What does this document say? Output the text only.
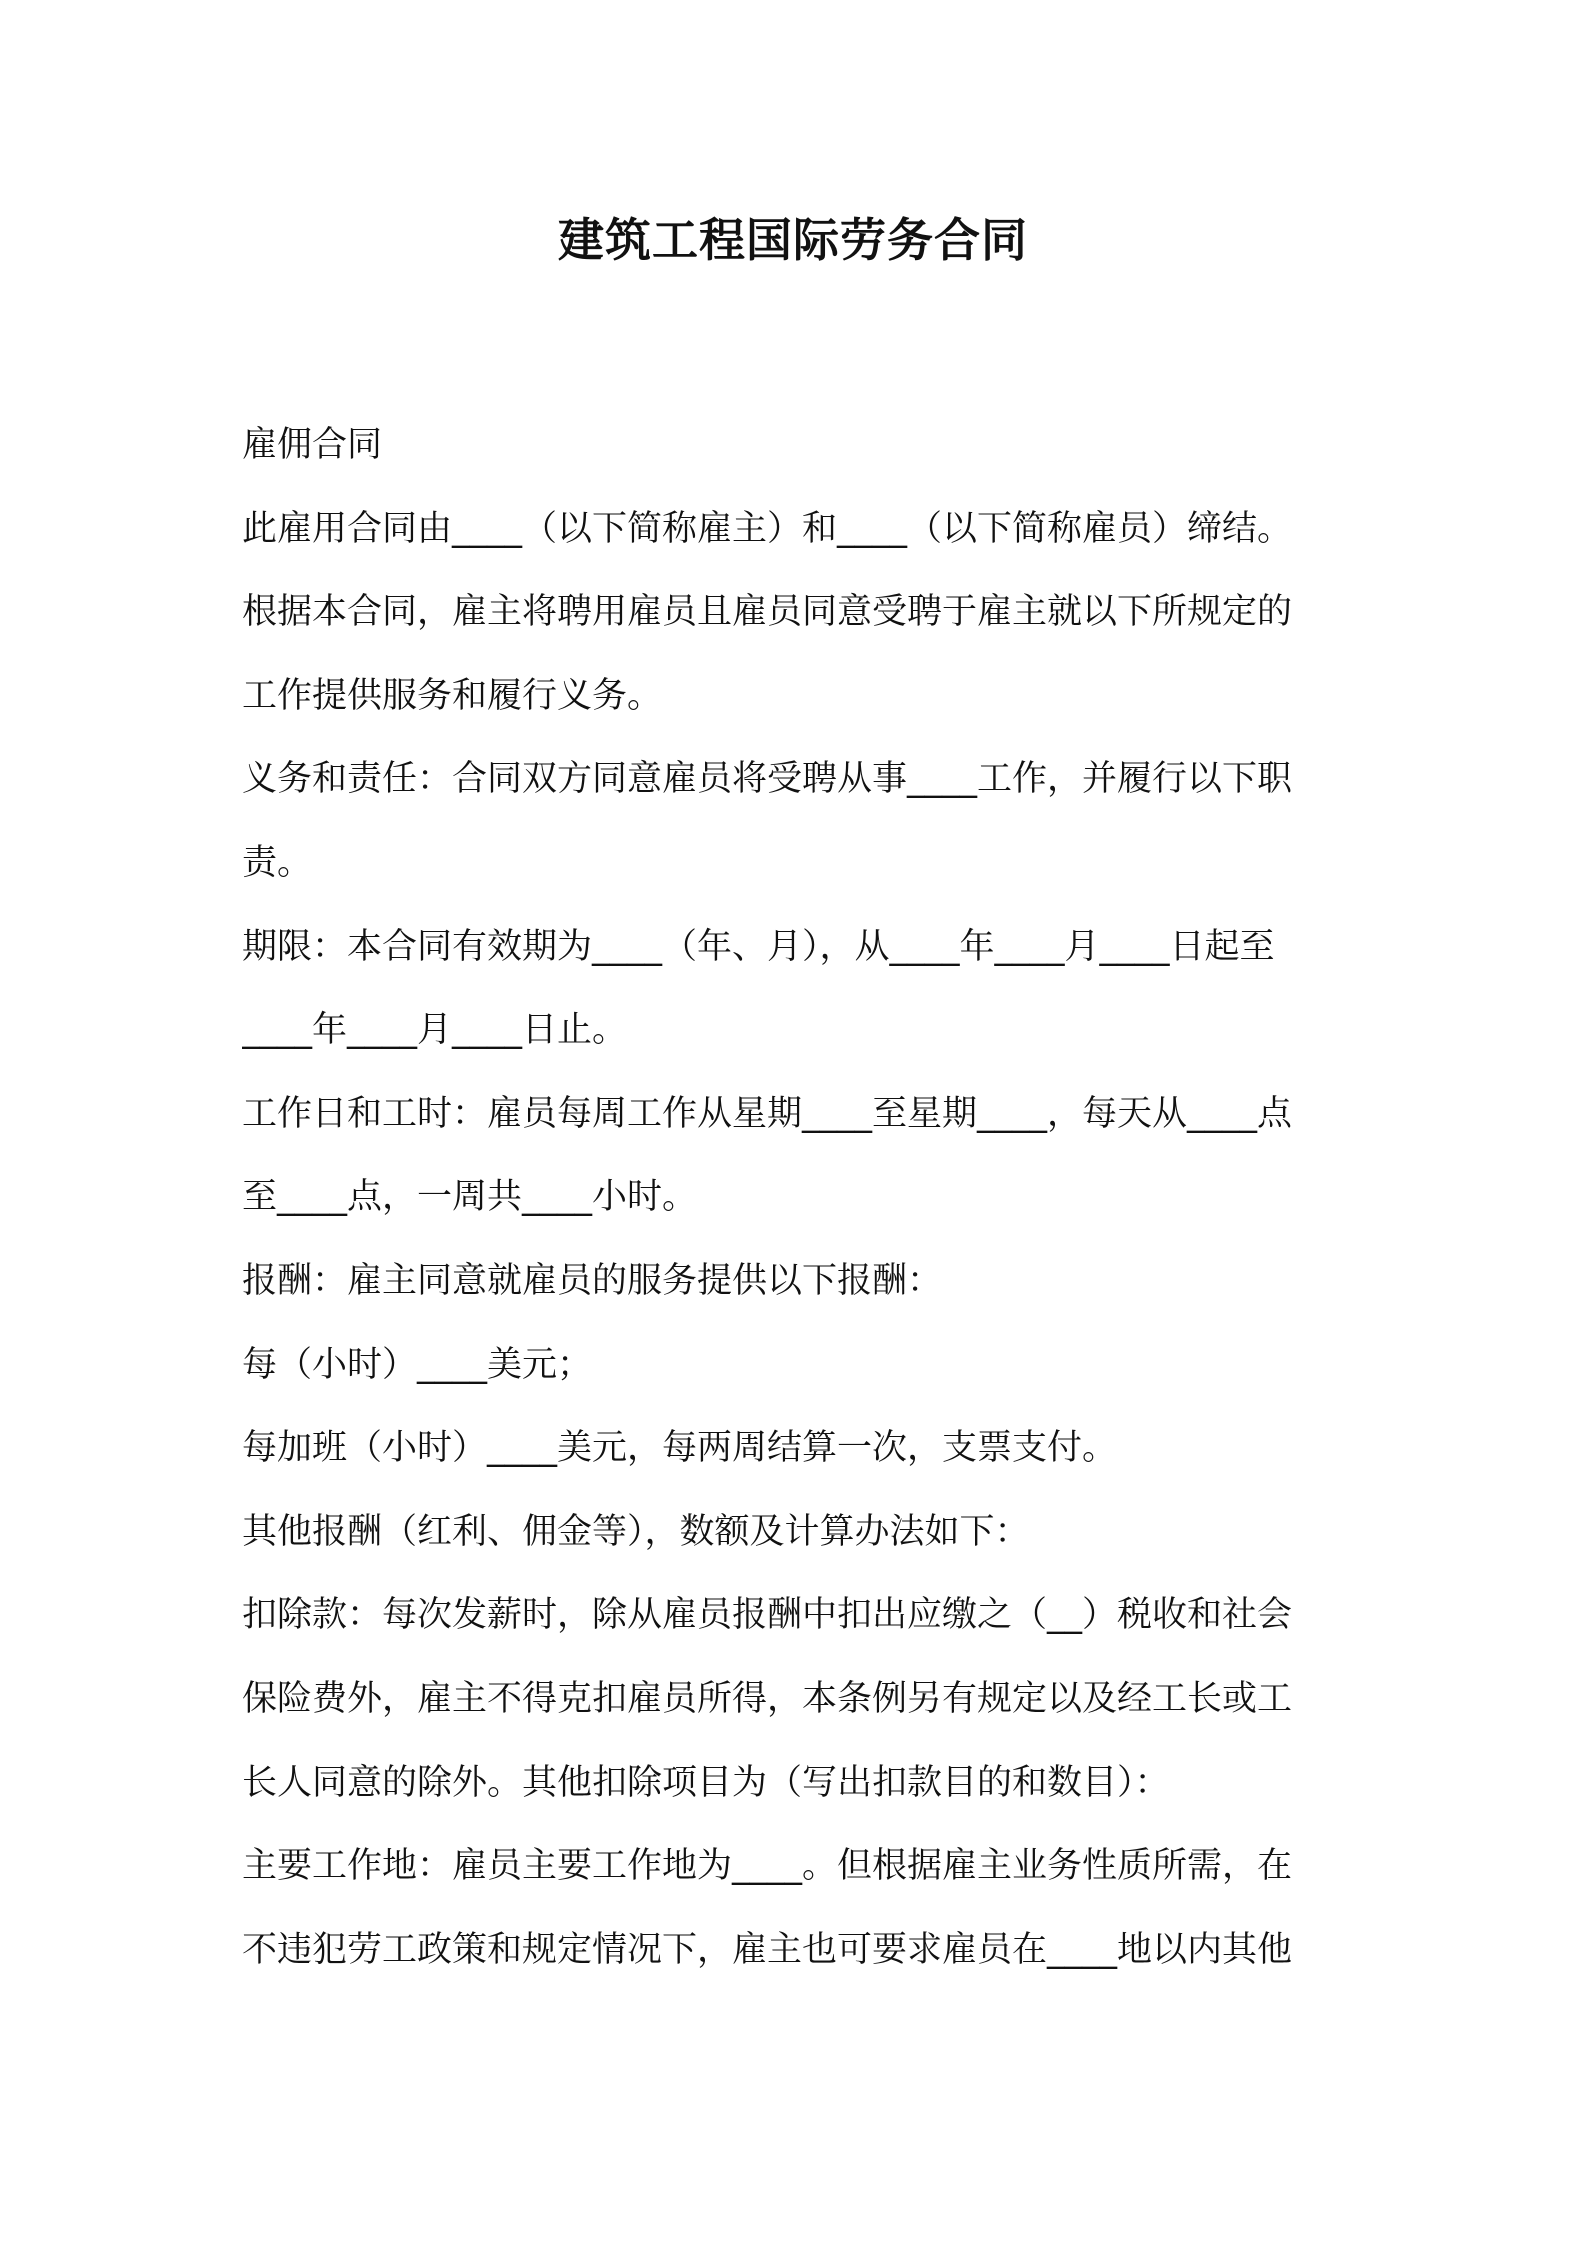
建筑工程国际劳务合同
雇佣合同
此雇用合同由____（以下简称雇主）和____（以下简称雇员）缔结。
根据本合同，雇主将聘用雇员且雇员同意受聘于雇主就以下所规定的
工作提供服务和履行义务。
义务和责任：合同双方同意雇员将受聘从事____工作，并履行以下职
责。
期限：本合同有效期为____（年、月），从____年____月____日起至
____年____月____日止。
工作日和工时：雇员每周工作从星期____至星期____，每天从____点
至____点，一周共____小时。
报酬：雇主同意就雇员的服务提供以下报酬：
每（小时）____美元；
每加班（小时）____美元，每两周结算一次，支票支付。
其他报酬（红利、佣金等），数额及计算办法如下：
扣除款：每次发薪时，除从雇员报酬中扣出应缴之（__）税收和社会
保险费外，雇主不得克扣雇员所得，本条例另有规定以及经工长或工
长人同意的除外。其他扣除项目为（写出扣款目的和数目）：
主要工作地：雇员主要工作地为____。但根据雇主业务性质所需，在
不违犯劳工政策和规定情况下，雇主也可要求雇员在____地以内其他
